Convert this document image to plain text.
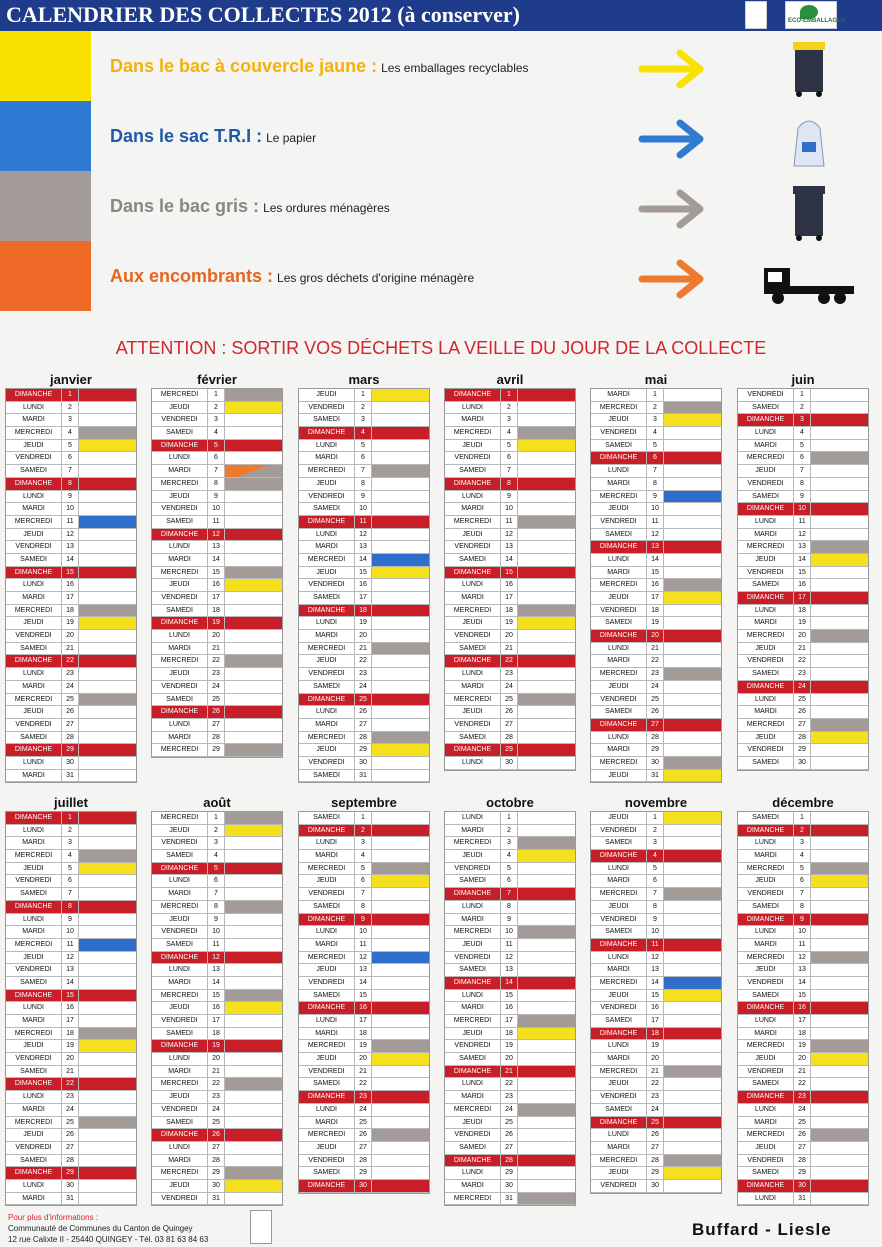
CALENDRIER DES COLLECTES 2012 (à conserver)	ECO-EMBALLAGES
Dans le bac à couvercle jaune : Les emballages recyclables
Dans le sac T.R.I : Le papier
Dans le bac gris : Les ordures ménagères
Aux encombrants : Les gros déchets d'origine ménagère
ATTENTION : SORTIR VOS DÉCHETS LA VEILLE DU JOUR DE LA COLLECTE
janvier
DIMANCHE	1
LUNDI	2
MARDI	3
MERCREDI	4
JEUDI	5
VENDREDI	6
SAMEDI	7
DIMANCHE	8
LUNDI	9
MARDI	10
MERCREDI	11
JEUDI	12
VENDREDI	13
SAMEDI	14
DIMANCHE	15
LUNDI	16
MARDI	17
MERCREDI	18
JEUDI	19
VENDREDI	20
SAMEDI	21
DIMANCHE	22
LUNDI	23
MARDI	24
MERCREDI	25
JEUDI	26
VENDREDI	27
SAMEDI	28
DIMANCHE	29
LUNDI	30
MARDI	31
février
MERCREDI	1
JEUDI	2
VENDREDI	3
SAMEDI	4
DIMANCHE	5
LUNDI	6
MARDI	7
MERCREDI	8
JEUDI	9
VENDREDI	10
SAMEDI	11
DIMANCHE	12
LUNDI	13
MARDI	14
MERCREDI	15
JEUDI	16
VENDREDI	17
SAMEDI	18
DIMANCHE	19
LUNDI	20
MARDI	21
MERCREDI	22
JEUDI	23
VENDREDI	24
SAMEDI	25
DIMANCHE	26
LUNDI	27
MARDI	28
MERCREDI	29
mars
JEUDI	1
VENDREDI	2
SAMEDI	3
DIMANCHE	4
LUNDI	5
MARDI	6
MERCREDI	7
JEUDI	8
VENDREDI	9
SAMEDI	10
DIMANCHE	11
LUNDI	12
MARDI	13
MERCREDI	14
JEUDI	15
VENDREDI	16
SAMEDI	17
DIMANCHE	18
LUNDI	19
MARDI	20
MERCREDI	21
JEUDI	22
VENDREDI	23
SAMEDI	24
DIMANCHE	25
LUNDI	26
MARDI	27
MERCREDI	28
JEUDI	29
VENDREDI	30
SAMEDI	31
avril
DIMANCHE	1
LUNDI	2
MARDI	3
MERCREDI	4
JEUDI	5
VENDREDI	6
SAMEDI	7
DIMANCHE	8
LUNDI	9
MARDI	10
MERCREDI	11
JEUDI	12
VENDREDI	13
SAMEDI	14
DIMANCHE	15
LUNDI	16
MARDI	17
MERCREDI	18
JEUDI	19
VENDREDI	20
SAMEDI	21
DIMANCHE	22
LUNDI	23
MARDI	24
MERCREDI	25
JEUDI	26
VENDREDI	27
SAMEDI	28
DIMANCHE	29
LUNDI	30
mai
MARDI	1
MERCREDI	2
JEUDI	3
VENDREDI	4
SAMEDI	5
DIMANCHE	6
LUNDI	7
MARDI	8
MERCREDI	9
JEUDI	10
VENDREDI	11
SAMEDI	12
DIMANCHE	13
LUNDI	14
MARDI	15
MERCREDI	16
JEUDI	17
VENDREDI	18
SAMEDI	19
DIMANCHE	20
LUNDI	21
MARDI	22
MERCREDI	23
JEUDI	24
VENDREDI	25
SAMEDI	26
DIMANCHE	27
LUNDI	28
MARDI	29
MERCREDI	30
JEUDI	31
juin
VENDREDI	1
SAMEDI	2
DIMANCHE	3
LUNDI	4
MARDI	5
MERCREDI	6
JEUDI	7
VENDREDI	8
SAMEDI	9
DIMANCHE	10
LUNDI	11
MARDI	12
MERCREDI	13
JEUDI	14
VENDREDI	15
SAMEDI	16
DIMANCHE	17
LUNDI	18
MARDI	19
MERCREDI	20
JEUDI	21
VENDREDI	22
SAMEDI	23
DIMANCHE	24
LUNDI	25
MARDI	26
MERCREDI	27
JEUDI	28
VENDREDI	29
SAMEDI	30
juillet
DIMANCHE	1
LUNDI	2
MARDI	3
MERCREDI	4
JEUDI	5
VENDREDI	6
SAMEDI	7
DIMANCHE	8
LUNDI	9
MARDI	10
MERCREDI	11
JEUDI	12
VENDREDI	13
SAMEDI	14
DIMANCHE	15
LUNDI	16
MARDI	17
MERCREDI	18
JEUDI	19
VENDREDI	20
SAMEDI	21
DIMANCHE	22
LUNDI	23
MARDI	24
MERCREDI	25
JEUDI	26
VENDREDI	27
SAMEDI	28
DIMANCHE	29
LUNDI	30
MARDI	31
août
MERCREDI	1
JEUDI	2
VENDREDI	3
SAMEDI	4
DIMANCHE	5
LUNDI	6
MARDI	7
MERCREDI	8
JEUDI	9
VENDREDI	10
SAMEDI	11
DIMANCHE	12
LUNDI	13
MARDI	14
MERCREDI	15
JEUDI	16
VENDREDI	17
SAMEDI	18
DIMANCHE	19
LUNDI	20
MARDI	21
MERCREDI	22
JEUDI	23
VENDREDI	24
SAMEDI	25
DIMANCHE	26
LUNDI	27
MARDI	28
MERCREDI	29
JEUDI	30
VENDREDI	31
septembre
SAMEDI	1
DIMANCHE	2
LUNDI	3
MARDI	4
MERCREDI	5
JEUDI	6
VENDREDI	7
SAMEDI	8
DIMANCHE	9
LUNDI	10
MARDI	11
MERCREDI	12
JEUDI	13
VENDREDI	14
SAMEDI	15
DIMANCHE	16
LUNDI	17
MARDI	18
MERCREDI	19
JEUDI	20
VENDREDI	21
SAMEDI	22
DIMANCHE	23
LUNDI	24
MARDI	25
MERCREDI	26
JEUDI	27
VENDREDI	28
SAMEDI	29
DIMANCHE	30
octobre
LUNDI	1
MARDI	2
MERCREDI	3
JEUDI	4
VENDREDI	5
SAMEDI	6
DIMANCHE	7
LUNDI	8
MARDI	9
MERCREDI	10
JEUDI	11
VENDREDI	12
SAMEDI	13
DIMANCHE	14
LUNDI	15
MARDI	16
MERCREDI	17
JEUDI	18
VENDREDI	19
SAMEDI	20
DIMANCHE	21
LUNDI	22
MARDI	23
MERCREDI	24
JEUDI	25
VENDREDI	26
SAMEDI	27
DIMANCHE	28
LUNDI	29
MARDI	30
MERCREDI	31
novembre
JEUDI	1
VENDREDI	2
SAMEDI	3
DIMANCHE	4
LUNDI	5
MARDI	6
MERCREDI	7
JEUDI	8
VENDREDI	9
SAMEDI	10
DIMANCHE	11
LUNDI	12
MARDI	13
MERCREDI	14
JEUDI	15
VENDREDI	16
SAMEDI	17
DIMANCHE	18
LUNDI	19
MARDI	20
MERCREDI	21
JEUDI	22
VENDREDI	23
SAMEDI	24
DIMANCHE	25
LUNDI	26
MARDI	27
MERCREDI	28
JEUDI	29
VENDREDI	30
décembre
SAMEDI	1
DIMANCHE	2
LUNDI	3
MARDI	4
MERCREDI	5
JEUDI	6
VENDREDI	7
SAMEDI	8
DIMANCHE	9
LUNDI	10
MARDI	11
MERCREDI	12
JEUDI	13
VENDREDI	14
SAMEDI	15
DIMANCHE	16
LUNDI	17
MARDI	18
MERCREDI	19
JEUDI	20
VENDREDI	21
SAMEDI	22
DIMANCHE	23
LUNDI	24
MARDI	25
MERCREDI	26
JEUDI	27
VENDREDI	28
SAMEDI	29
DIMANCHE	30
LUNDI	31
Pour plus d'informations :
Communauté de Communes du Canton de Quingey
12 rue Calixte II - 25440 QUINGEY - Tél. 03 81 63 84 63
Buffard - Liesle
